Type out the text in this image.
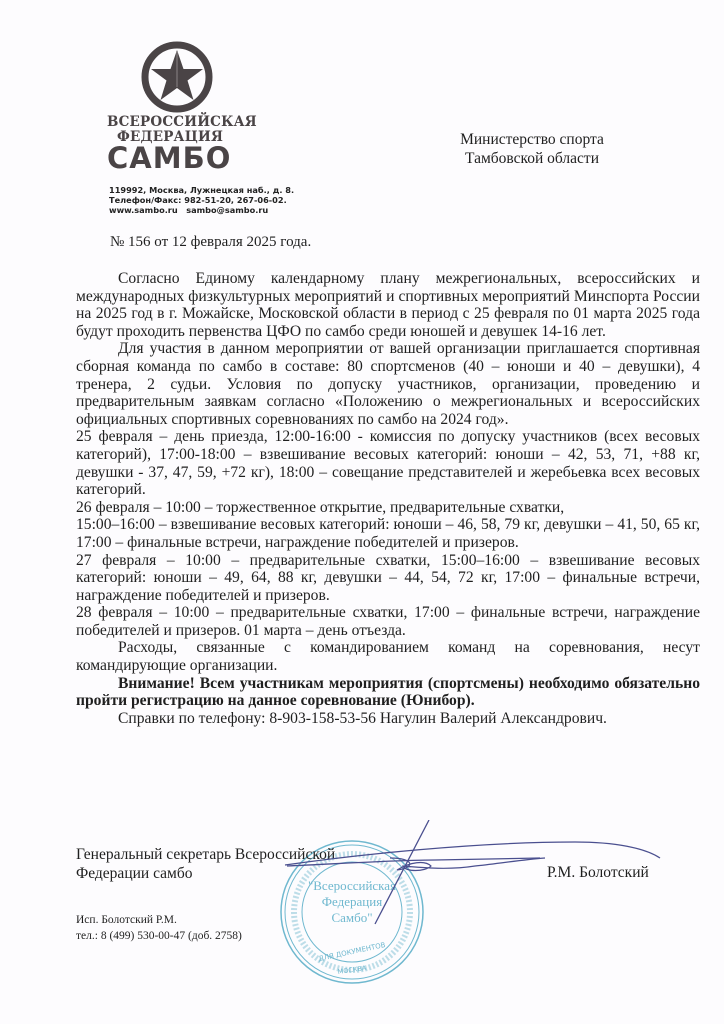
ВСЕРОССИЙСКАЯ
ФЕДЕРАЦИЯ
САМБО
119992, Москва, Лужнецкая наб., д. 8.
Телефон/Факс: 982-51-20, 267-06-02.
www.sambo.ru   sambo@sambo.ru
Министерство спорта
Тамбовской области
№ 156 от 12 февраля 2025 года.

Согласно Единому календарному плану межрегиональных, всероссийских и международных физкультурных мероприятий и спортивных мероприятий Минспорта России на 2025 год в г. Можайске, Московской области в период с 25 февраля по 01 марта 2025 года будут проходить первенства ЦФО по самбо среди юношей и девушек 14-16 лет.

Для участия в данном мероприятии от вашей организации приглашается спортивная сборная команда по самбо в составе: 80 спортсменов (40 – юноши и 40 – девушки), 4 тренера, 2 судьи. Условия по допуску участников, организации, проведению и предварительным заявкам согласно «Положению о межрегиональных и всероссийских официальных спортивных соревнованиях по самбо на 2024 год».

25 февраля – день приезда, 12:00-16:00 - комиссия по допуску участников (всех весовых категорий), 17:00-18:00 – взвешивание весовых категорий: юноши – 42, 53, 71, +88 кг, девушки - 37, 47, 59, +72 кг), 18:00 – совещание представителей и жеребьевка всех весовых категорий.

26 февраля – 10:00 – торжественное открытие, предварительные схватки,

15:00–16:00 – взвешивание весовых категорий: юноши – 46, 58, 79 кг, девушки – 41, 50, 65 кг, 17:00 – финальные встречи, награждение победителей и призеров.

27 февраля – 10:00 – предварительные схватки, 15:00–16:00 – взвешивание весовых категорий: юноши – 49, 64, 88 кг, девушки – 44, 54, 72 кг, 17:00 – финальные встречи, награждение победителей и призеров.

28 февраля – 10:00 – предварительные схватки, 17:00 – финальные встречи, награждение победителей и призеров. 01 марта – день отъезда.

Расходы, связанные с командированием команд на соревнования, несут командирующие организации.

Внимание! Всем участникам мероприятия (спортсмены) необходимо обязательно пройти регистрацию на данное соревнование (Юнибор).

Справки по телефону: 8-903-158-53-56 Нагулин Валерий Александрович.

"Всероссийская
Федерация
Самбо"
ДЛЯ ДОКУМЕНТОВ
МОСКВА
Генеральный секретарь Всероссийской
Федерации самбо	Р.М. Болотский
Исп. Болотский Р.М.
тел.: 8 (499) 530-00-47 (доб. 2758)
